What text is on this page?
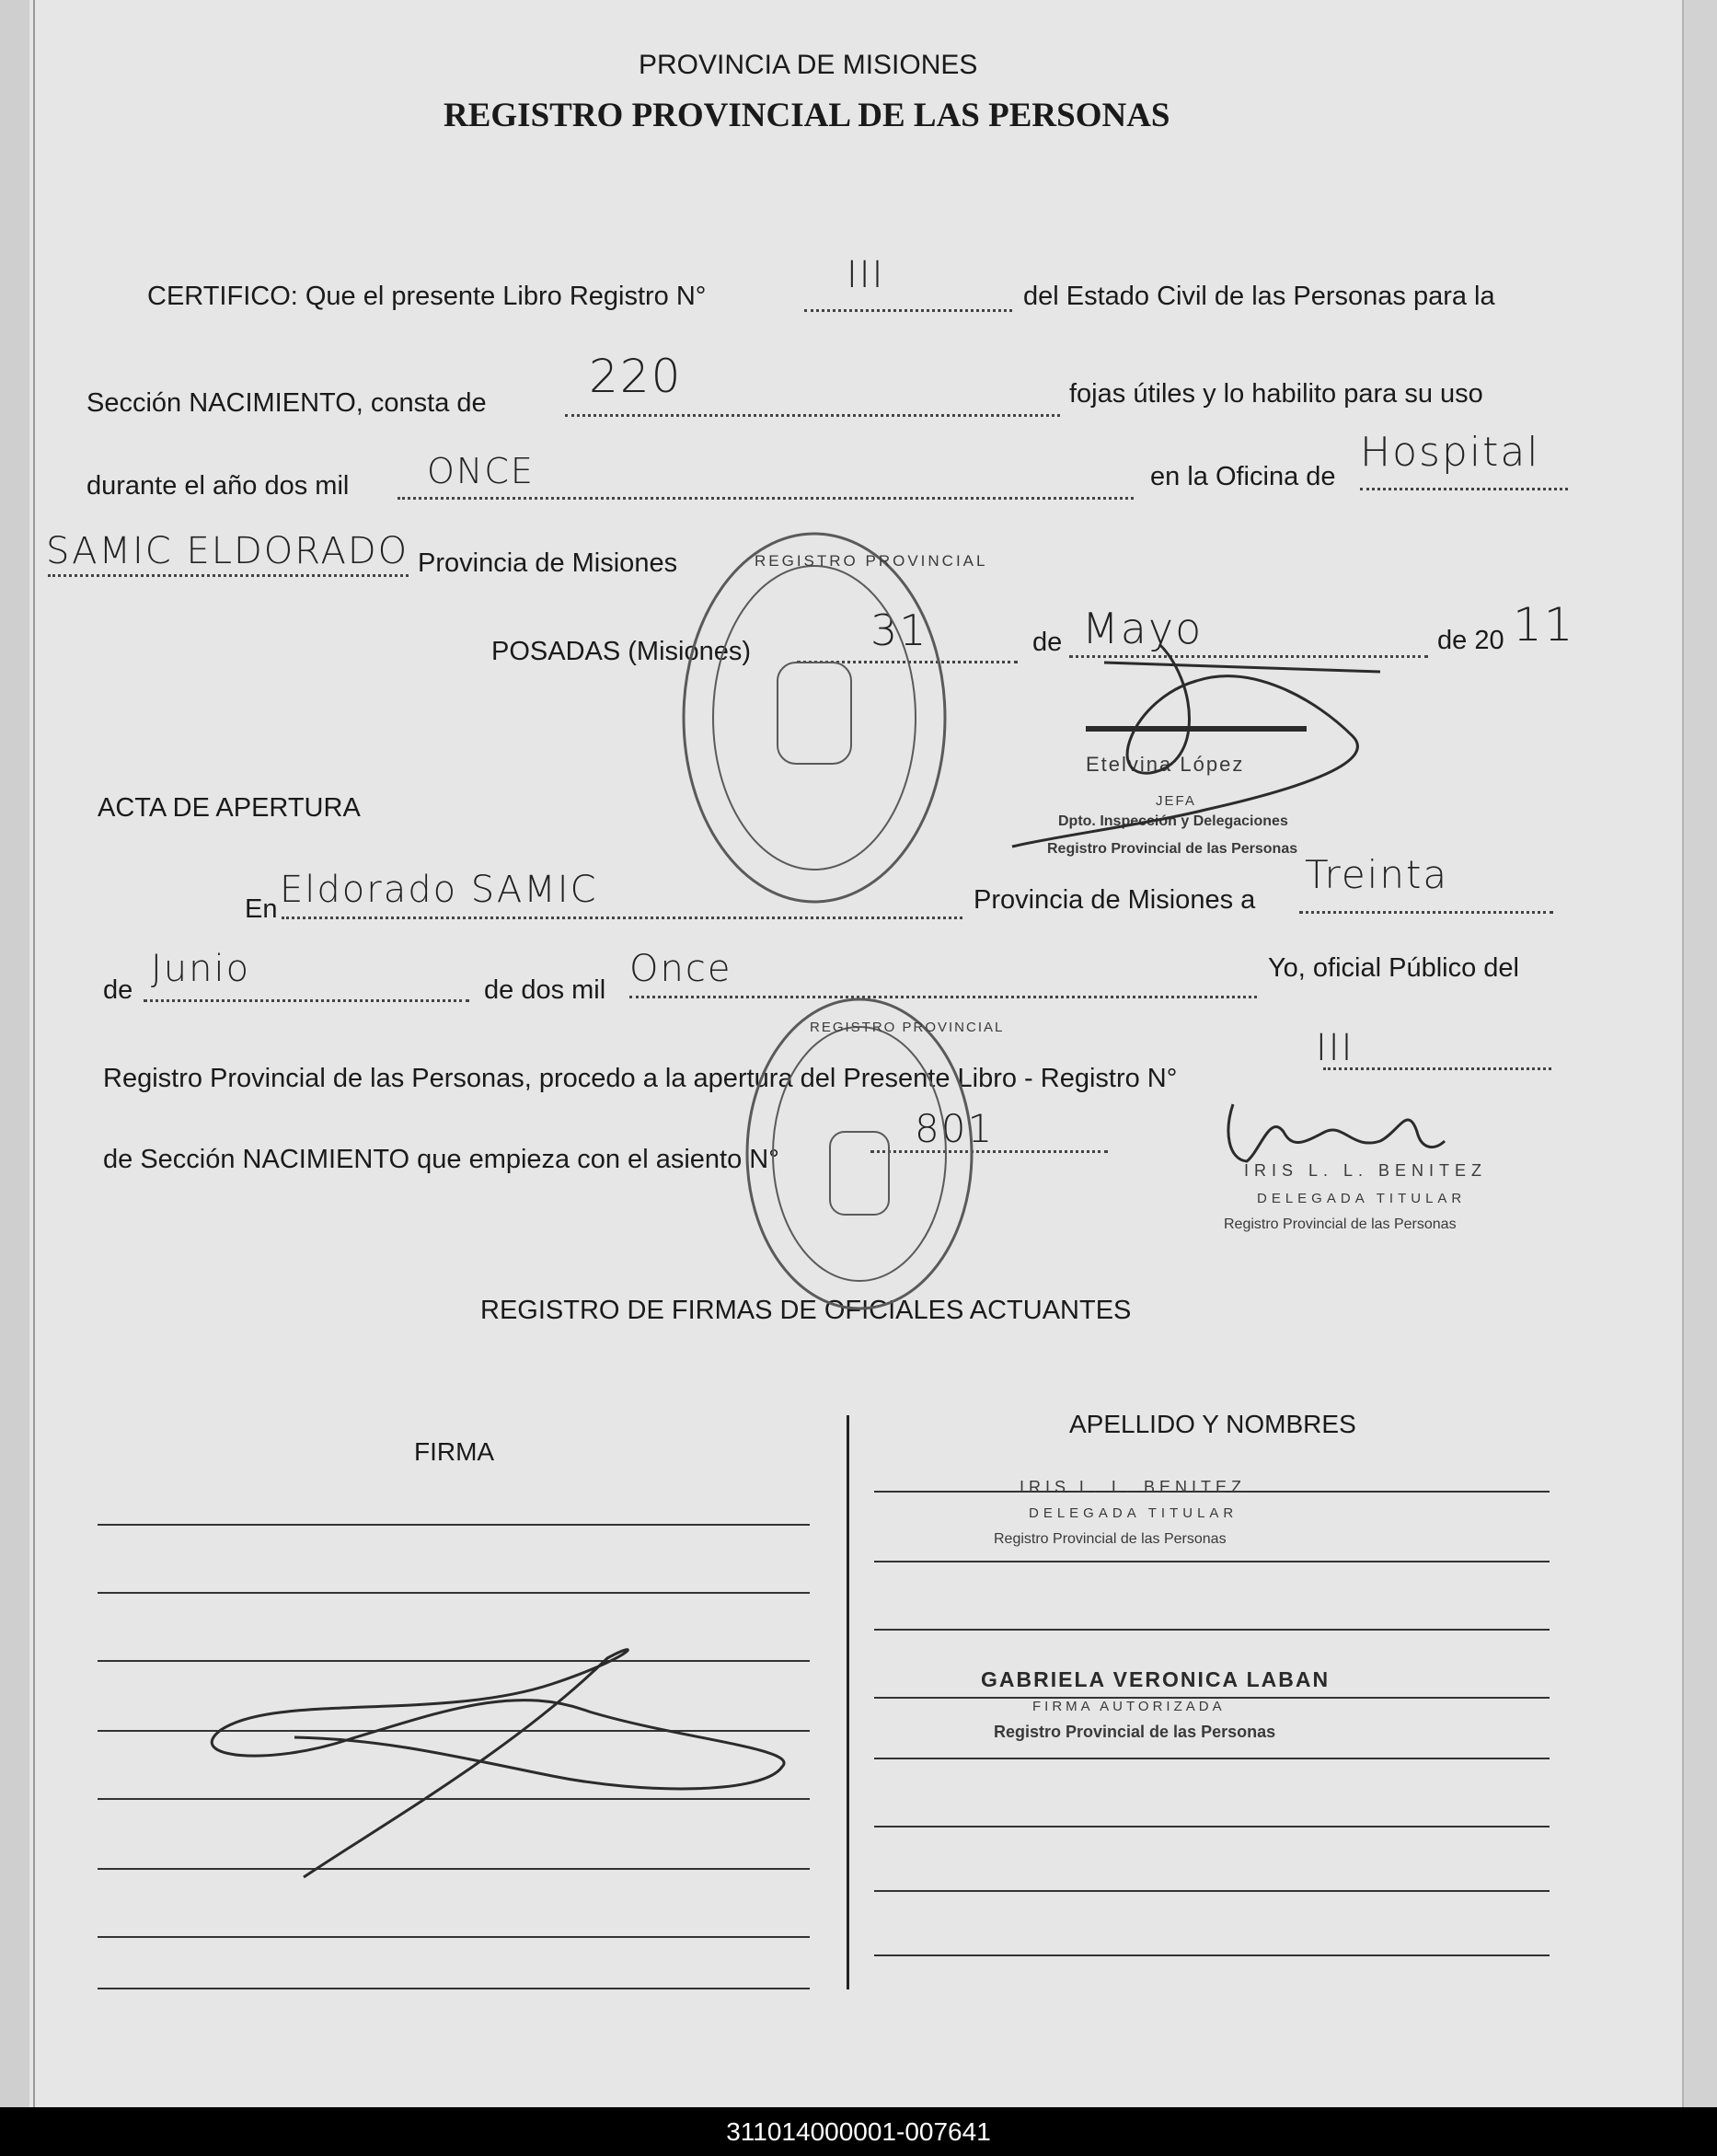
PROVINCIA DE MISIONES
REGISTRO PROVINCIAL DE LAS PERSONAS
CERTIFICO: Que el presente Libro Registro N°	III	del Estado Civil de las Personas para la
Sección NACIMIENTO, consta de 220	fojas útiles y lo habilito para su uso
durante el año dos mil ONCE	en la Oficina de
Hospital
SAMIC ELDORADO Provincia de Misiones
POSADAS (Misiones)	31	de Mayo	de 20 11
ACTA DE APERTURA
En Eldorado SAMIC	Provincia de Misiones a
Treinta
de Junio	de dos mil Once	Yo, oficial Público del
Registro Provincial de las Personas, procedo a la apertura del Presente Libro - Registro N°
III
de Sección NACIMIENTO que empieza con el asiento N°
801
Etelvina López
JEFA
Dpto. Inspección y Delegaciones
Registro Provincial de las Personas
IRIS L. L. BENITEZ
DELEGADA TITULAR
Registro Provincial de las Personas
REGISTRO DE FIRMAS DE OFICIALES ACTUANTES
FIRMA
APELLIDO Y NOMBRES
IRIS L. L. BENITEZ
DELEGADA TITULAR
Registro Provincial de las Personas
GABRIELA VERONICA LABAN
FIRMA AUTORIZADA
Registro Provincial de las Personas
REGISTRO PROVINCIAL
REGISTRO PROVINCIAL
311014000001-007641
